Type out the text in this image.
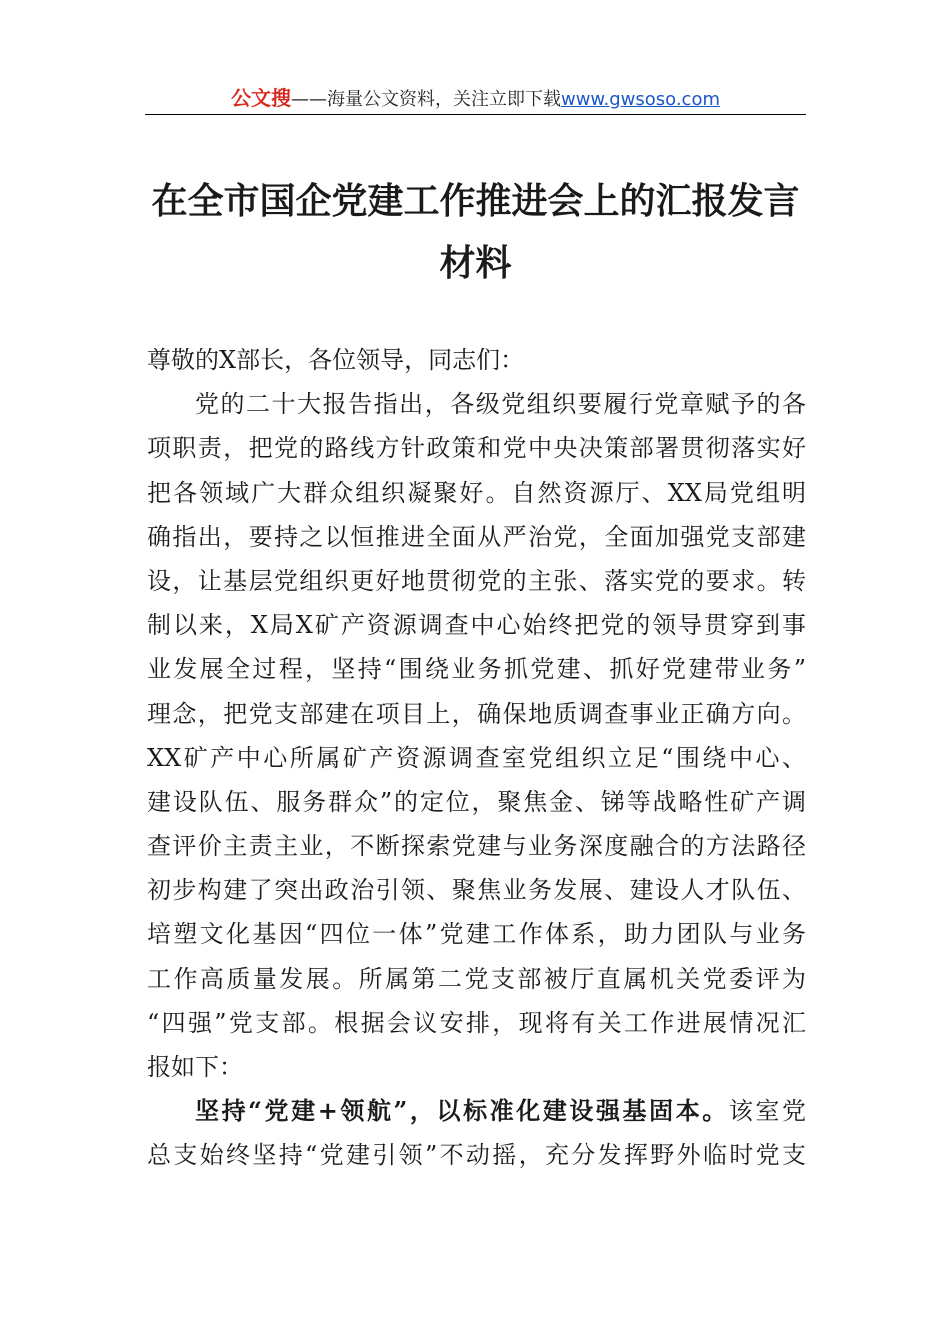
公文搜——海量公文资料，关注立即下载www.gwsoso.com
在全市国企党建工作推进会上的汇报发言
材料
尊敬的X部长，各位领导，同志们：
党的二十大报告指出，各级党组织要履行党章赋予的各
项职责，把党的路线方针政策和党中央决策部署贯彻落实好
把各领域广大群众组织凝聚好。自然资源厅、XX局党组明
确指出，要持之以恒推进全面从严治党，全面加强党支部建
设，让基层党组织更好地贯彻党的主张、落实党的要求。转
制以来，X局X矿产资源调查中心始终把党的领导贯穿到事
业发展全过程，坚持“围绕业务抓党建、抓好党建带业务”
理念，把党支部建在项目上，确保地质调查事业正确方向。
XX矿产中心所属矿产资源调查室党组织立足“围绕中心、
建设队伍、服务群众”的定位，聚焦金、锑等战略性矿产调
查评价主责主业，不断探索党建与业务深度融合的方法路径
初步构建了突出政治引领、聚焦业务发展、建设人才队伍、
培塑文化基因“四位一体”党建工作体系，助力团队与业务
工作高质量发展。所属第二党支部被厅直属机关党委评为
“四强”党支部。根据会议安排，现将有关工作进展情况汇
报如下：
坚持“党建+领航”，以标准化建设强基固本。该室党
总支始终坚持“党建引领”不动摇，充分发挥野外临时党支
